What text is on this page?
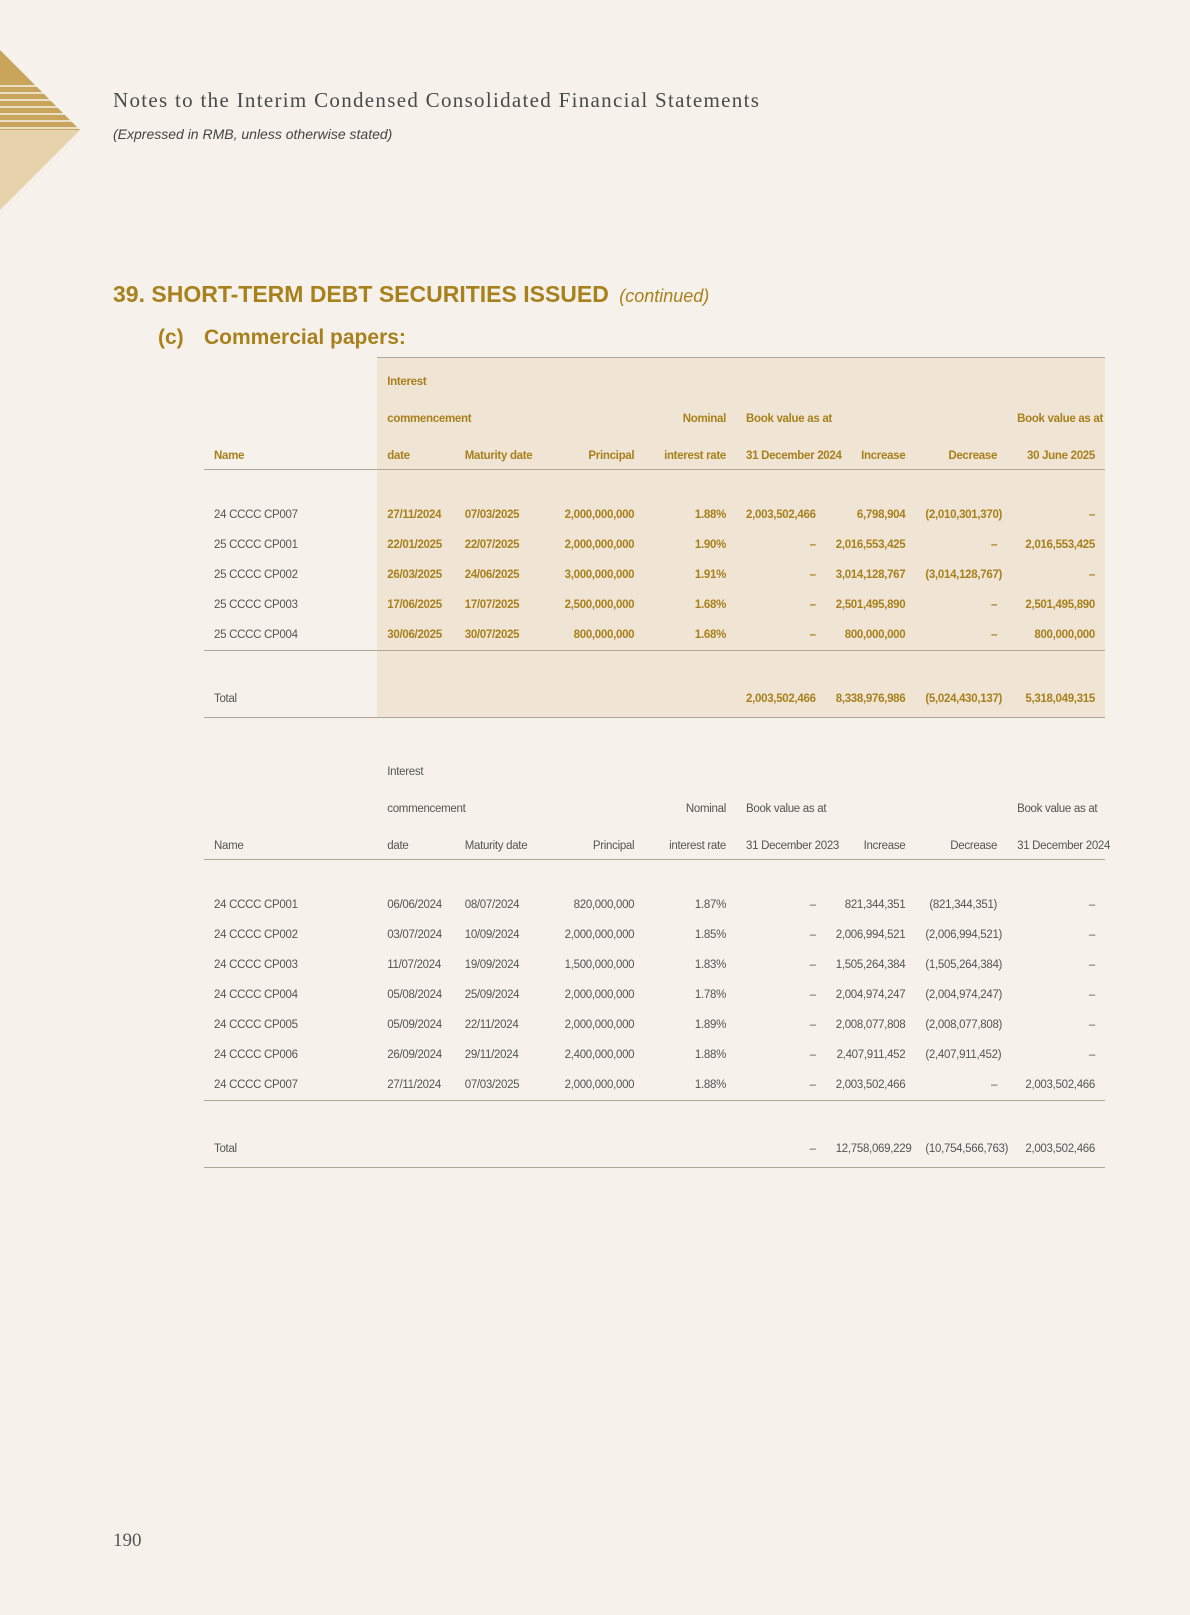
Notes to the Interim Condensed Consolidated Financial Statements

(Expressed in RMB, unless otherwise stated)

39. SHORT-TERM DEBT SECURITIES ISSUED (continued)
(c) Commercial papers:
	Interest							
	commencement			Nominal	Book value as at			Book value as at
Name	date	Maturity date	Principal	interest rate	31 December 2024	Increase	Decrease	30 June 2025

24 CCCC CP007	27/11/2024	07/03/2025	2,000,000,000	1.88%	2,003,502,466	6,798,904	(2,010,301,370)	–
25 CCCC CP001	22/01/2025	22/07/2025	2,000,000,000	1.90%	–	2,016,553,425	–	2,016,553,425
25 CCCC CP002	26/03/2025	24/06/2025	3,000,000,000	1.91%	–	3,014,128,767	(3,014,128,767)	–
25 CCCC CP003	17/06/2025	17/07/2025	2,500,000,000	1.68%	–	2,501,495,890	–	2,501,495,890
25 CCCC CP004	30/06/2025	30/07/2025	800,000,000	1.68%	–	800,000,000	–	800,000,000

Total					2,003,502,466	8,338,976,986	(5,024,430,137)	5,318,049,315
	Interest							
	commencement			Nominal	Book value as at			Book value as at
Name	date	Maturity date	Principal	interest rate	31 December 2023	Increase	Decrease	31 December 2024

24 CCCC CP001	06/06/2024	08/07/2024	820,000,000	1.87%	–	821,344,351	(821,344,351)	–
24 CCCC CP002	03/07/2024	10/09/2024	2,000,000,000	1.85%	–	2,006,994,521	(2,006,994,521)	–
24 CCCC CP003	11/07/2024	19/09/2024	1,500,000,000	1.83%	–	1,505,264,384	(1,505,264,384)	–
24 CCCC CP004	05/08/2024	25/09/2024	2,000,000,000	1.78%	–	2,004,974,247	(2,004,974,247)	–
24 CCCC CP005	05/09/2024	22/11/2024	2,000,000,000	1.89%	–	2,008,077,808	(2,008,077,808)	–
24 CCCC CP006	26/09/2024	29/11/2024	2,400,000,000	1.88%	–	2,407,911,452	(2,407,911,452)	–
24 CCCC CP007	27/11/2024	07/03/2025	2,000,000,000	1.88%	–	2,003,502,466	–	2,003,502,466

Total					–	12,758,069,229	(10,754,566,763)	2,003,502,466

190
